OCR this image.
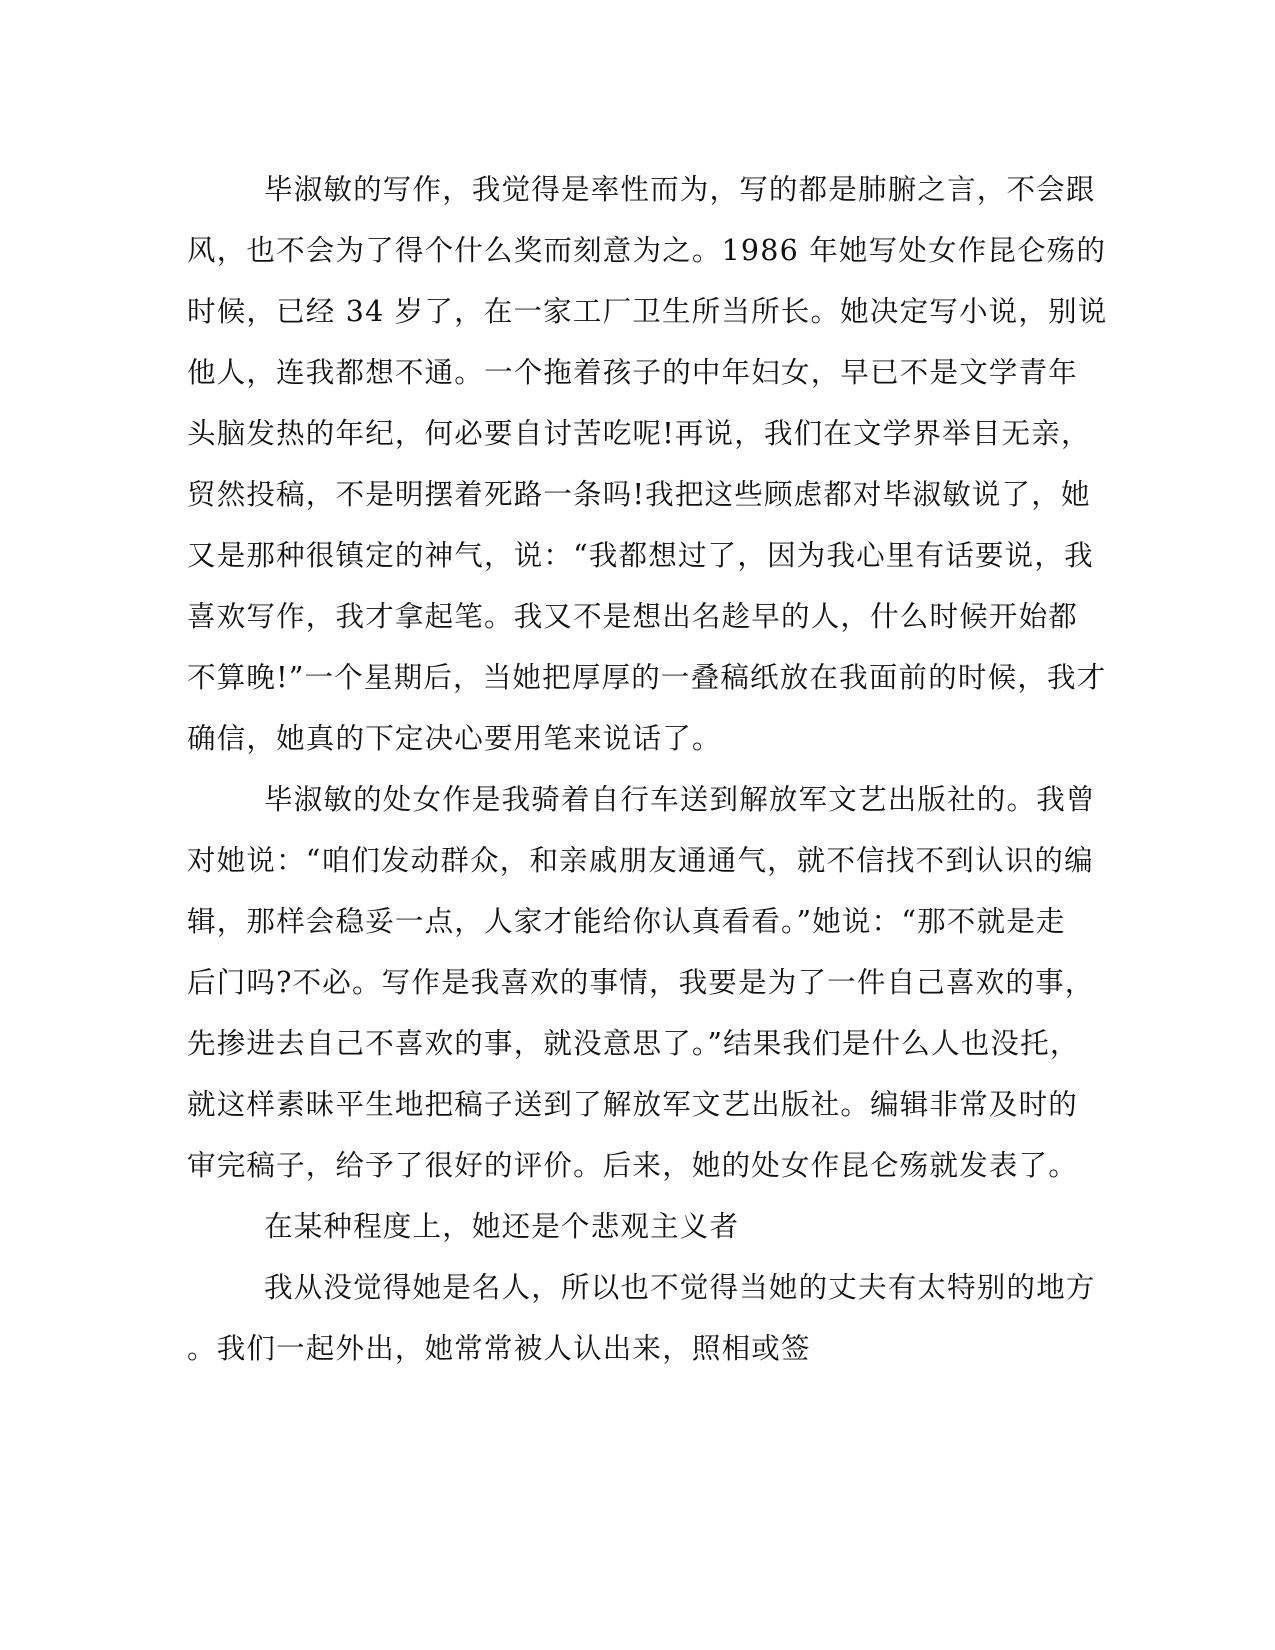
毕淑敏的写作，我觉得是率性而为，写的都是肺腑之言，不会跟
风，也不会为了得个什么奖而刻意为之。1986 年她写处女作昆仑殇的
时候，已经 34 岁了，在一家工厂卫生所当所长。她决定写小说，别说
他人，连我都想不通。一个拖着孩子的中年妇女，早已不是文学青年
头脑发热的年纪，何必要自讨苦吃呢!再说，我们在文学界举目无亲，
贸然投稿，不是明摆着死路一条吗!我把这些顾虑都对毕淑敏说了，她
又是那种很镇定的神气，说：“我都想过了，因为我心里有话要说，我
喜欢写作，我才拿起笔。我又不是想出名趁早的人，什么时候开始都
不算晚!”一个星期后，当她把厚厚的一叠稿纸放在我面前的时候，我才
确信，她真的下定决心要用笔来说话了。
毕淑敏的处女作是我骑着自行车送到解放军文艺出版社的。我曾
对她说：“咱们发动群众，和亲戚朋友通通气，就不信找不到认识的编
辑，那样会稳妥一点，人家才能给你认真看看。”她说：“那不就是走
后门吗?不必。写作是我喜欢的事情，我要是为了一件自己喜欢的事，
先掺进去自己不喜欢的事，就没意思了。”结果我们是什么人也没托，
就这样素昧平生地把稿子送到了解放军文艺出版社。编辑非常及时的
审完稿子，给予了很好的评价。后来，她的处女作昆仑殇就发表了。
在某种程度上，她还是个悲观主义者
我从没觉得她是名人，所以也不觉得当她的丈夫有太特别的地方
。我们一起外出，她常常被人认出来，照相或签
